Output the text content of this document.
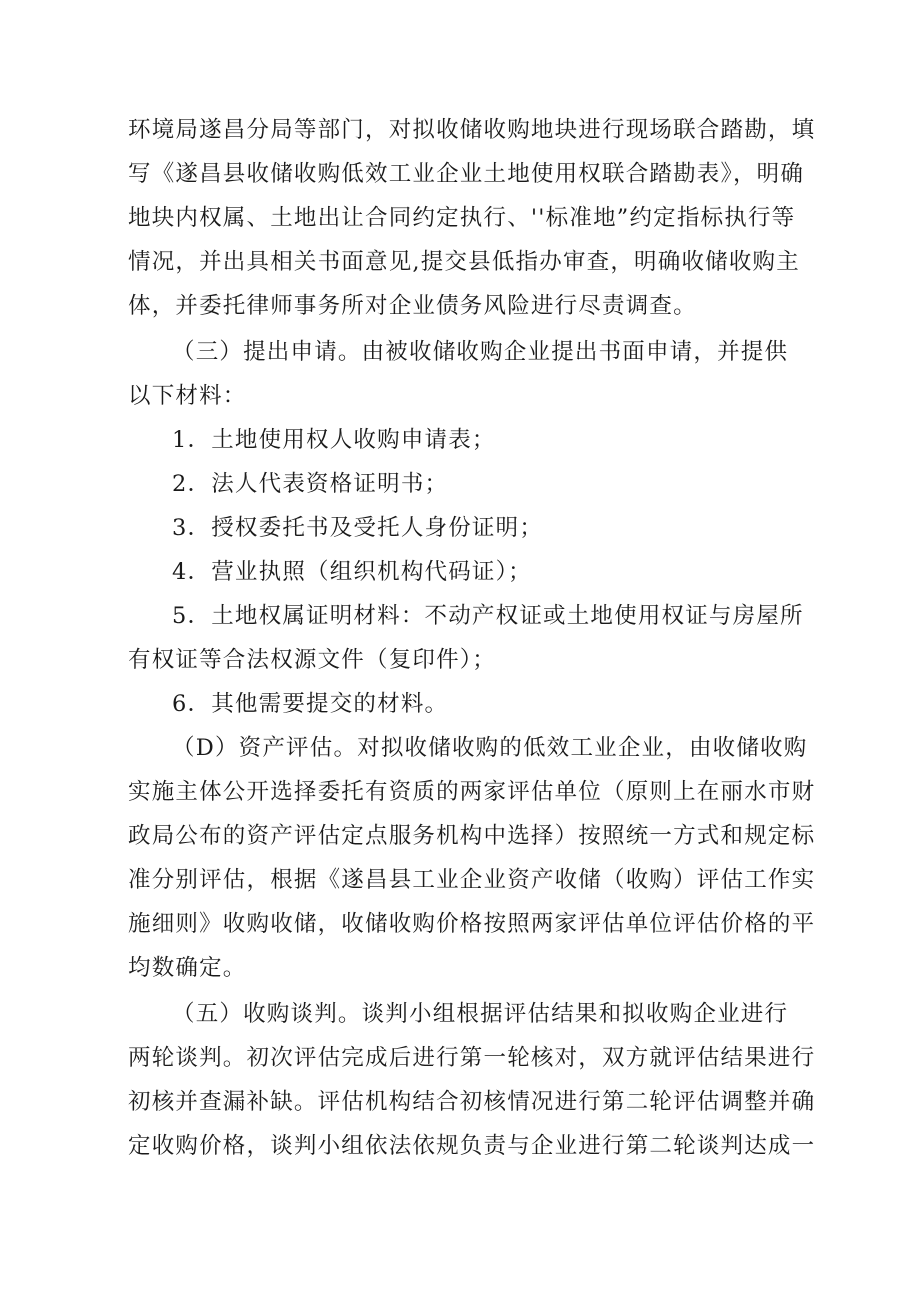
环境局遂昌分局等部门，对拟收储收购地块进行现场联合踏勘，填
写《遂昌县收储收购低效工业企业土地使用权联合踏勘表》，明确
地块内权属、土地出让合同约定执行、''标准地”约定指标执行等
情况，并出具相关书面意见,提交县低指办审查，明确收储收购主
体，并委托律师事务所对企业债务风险进行尽责调查。
（三）提出申请。由被收储收购企业提出书面申请，并提供
以下材料：
1．土地使用权人收购申请表；
2．法人代表资格证明书；
3．授权委托书及受托人身份证明；
4．营业执照（组织机构代码证）；
5．土地权属证明材料：不动产权证或土地使用权证与房屋所
有权证等合法权源文件（复印件）；
6．其他需要提交的材料。
（D）资产评估。对拟收储收购的低效工业企业，由收储收购
实施主体公开选择委托有资质的两家评估单位（原则上在丽水市财
政局公布的资产评估定点服务机构中选择）按照统一方式和规定标
准分别评估，根据《遂昌县工业企业资产收储（收购）评估工作实
施细则》收购收储，收储收购价格按照两家评估单位评估价格的平
均数确定。
（五）收购谈判。谈判小组根据评估结果和拟收购企业进行
两轮谈判。初次评估完成后进行第一轮核对，双方就评估结果进行
初核并查漏补缺。评估机构结合初核情况进行第二轮评估调整并确
定收购价格，谈判小组依法依规负责与企业进行第二轮谈判达成一
